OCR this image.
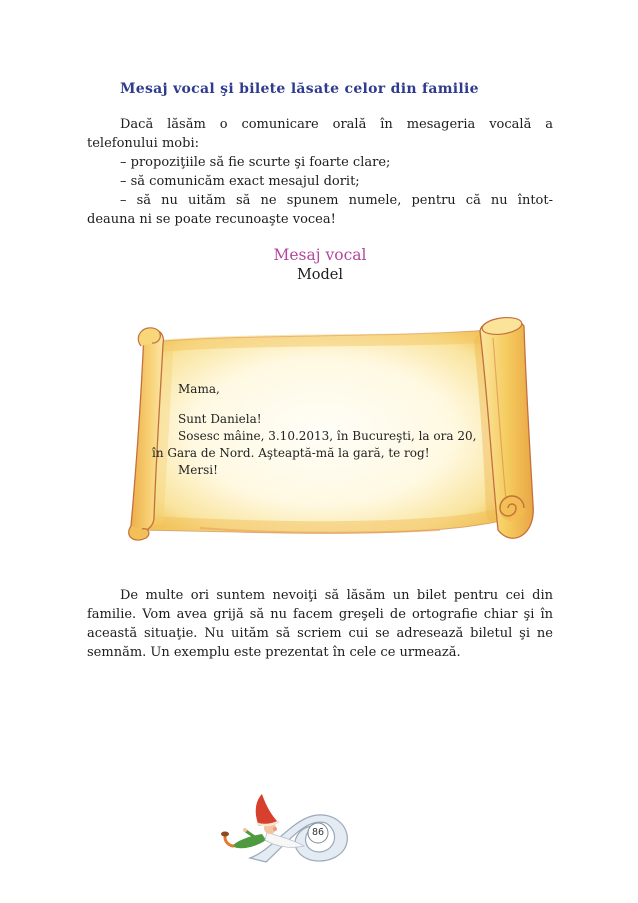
Mesaj vocal şi bilete lăsate celor din familie

Dacă lăsăm o comunicare orală în mesageria vocală a

telefonului mobi:

– propoziţiile să fie scurte şi foarte clare;

– să comunicăm exact mesajul dorit;

– să nu uităm să ne spunem numele, pentru că nu întot-

deauna ni se poate recunoaşte vocea!

Mesaj vocal
Model
Mama,
Sunt Daniela!
Sosesc mâine, 3.10.2013, în Bucureşti, la ora 20,
în Gara de Nord. Aşteaptă-mă la gară, te rog!
Mersi!

De multe ori suntem nevoiţi să lăsăm un bilet pentru cei din

familie. Vom avea grijă să nu facem greşeli de ortografie chiar şi în

această situaţie. Nu uităm să scriem cui se adresează biletul şi ne

semnăm. Un exemplu este prezentat în cele ce urmează.

86
